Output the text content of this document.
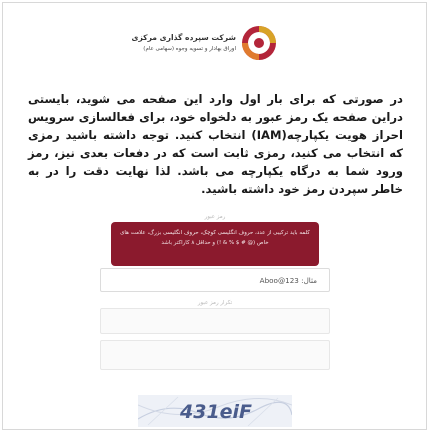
شرکت سپرده گذاری مرکزی
اوراق بهادار و تسویه وجوه (سهامی عام)
در صورتی که برای بار اول وارد این صفحه می شوید، بایستی دراین صفحه یک رمز عبور به دلخواه خود، برای فعالسازی سرویس احراز هویت یکپارچه(IAM) انتخاب کنید. توجه داشته باشید رمزی که انتخاب می کنید، رمزی ثابت است که در دفعات بعدی نیز، رمز ورود شما به درگاه یکپارچه می باشد. لذا نهایت دقت را در به خاطر سپردن رمز خود داشته باشید.
رمز عبور
کلمه باید ترکیبی از عدد، حروف انگلیسی کوچک، حروف انگلیسی بزرگ، علامت های خاص (@ # $ % & !) و حداقل ۸ کاراکتر باشد
تکرار رمز عبور
431eiF
